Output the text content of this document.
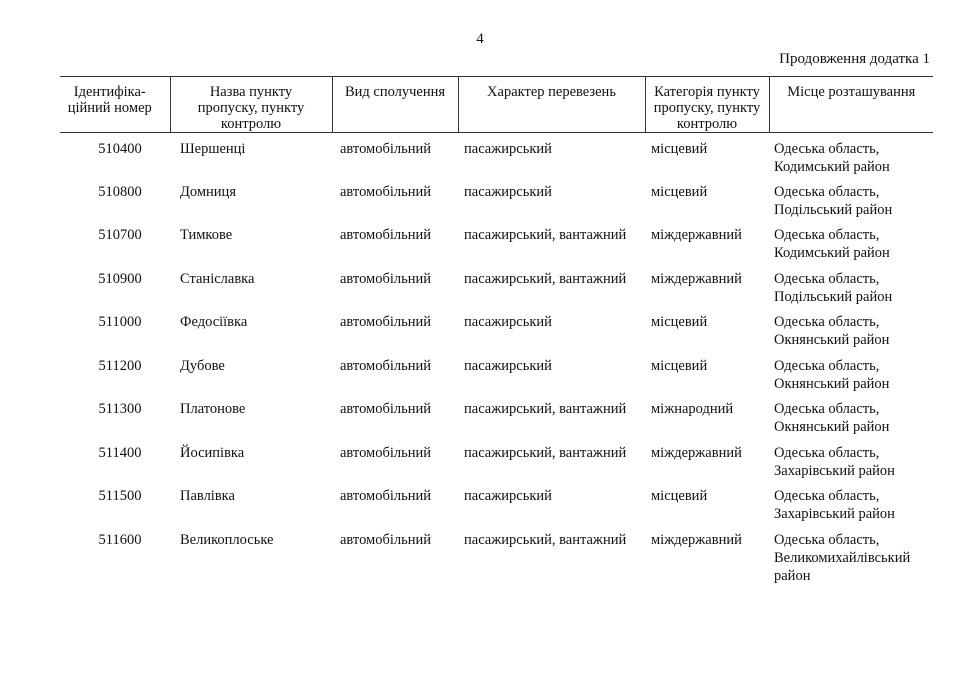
4
Продовження додатка 1
Ідентифіка-ційний номер	Назва пункту пропуску, пункту контролю	Вид сполучення	Характер перевезень	Категорія пункту пропуску, пункту контролю	Місце розташування
510400	Шершенці	автомобільний	пасажирський	місцевий	Одеська область, Кодимський район
510800	Домниця	автомобільний	пасажирський	місцевий	Одеська область, Подільський район
510700	Тимкове	автомобільний	пасажирський, вантажний	міждержавний	Одеська область, Кодимський район
510900	Станіславка	автомобільний	пасажирський, вантажний	міждержавний	Одеська область, Подільський район
511000	Федосіївка	автомобільний	пасажирський	місцевий	Одеська область, Окнянський район
511200	Дубове	автомобільний	пасажирський	місцевий	Одеська область, Окнянський район
511300	Платонове	автомобільний	пасажирський, вантажний	міжнародний	Одеська область, Окнянський район
511400	Йосипівка	автомобільний	пасажирський, вантажний	міждержавний	Одеська область, Захарівський район
511500	Павлівка	автомобільний	пасажирський	місцевий	Одеська область, Захарівський район
511600	Великоплоське	автомобільний	пасажирський, вантажний	міждержавний	Одеська область, Великомихайлівський район
